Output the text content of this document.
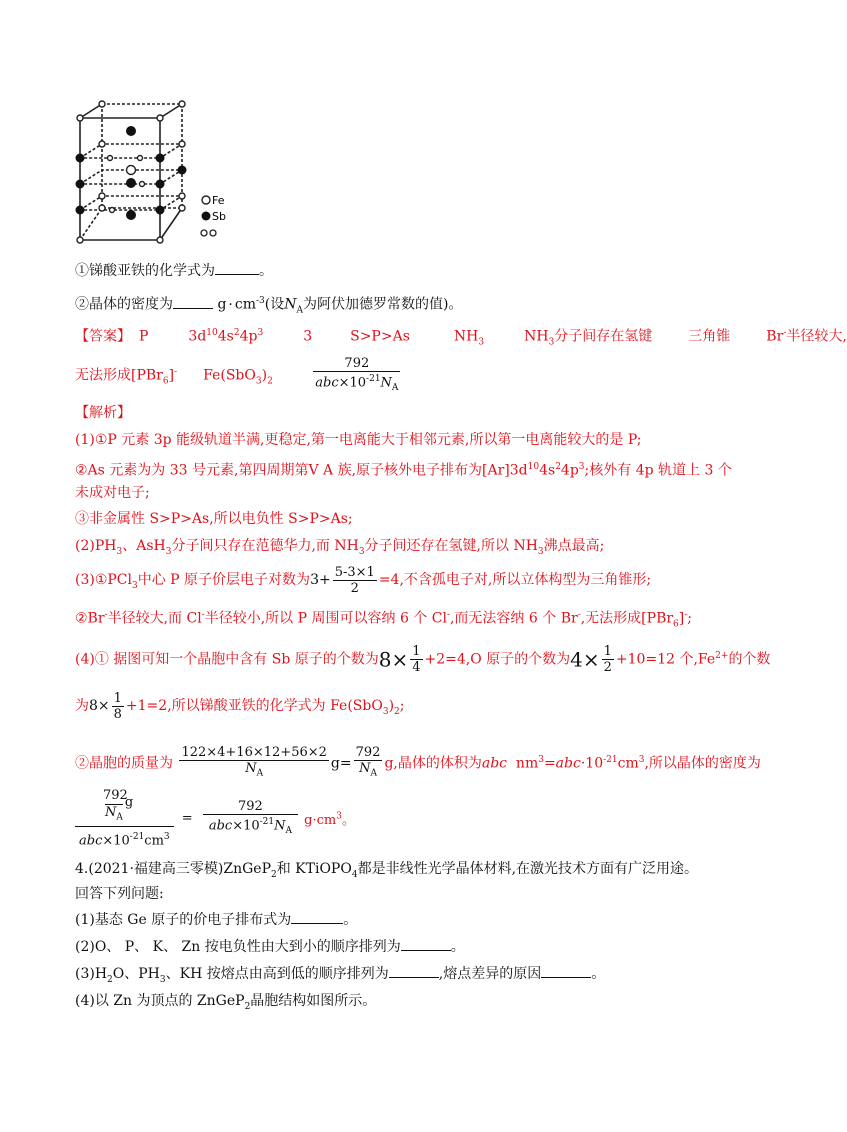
Fe
Sb
①锑酸亚铁的化学式为	。
②晶体的密度为	$g \cdot cm^{-3}$(设$N_A$为阿伏加德罗常数的值)。
【答案】 P	$3d^{10}4s^24p^3$	3	S>P>As	$NH_3$	$NH_3$分子间存在氢键	三角锥	Br-半径较大,
无法形成[PBr$_6$]- $Fe(SbO_3)_2$	$\frac{792}{abc\times 10^{-21}N_A}$
【解析】
(1)①P 元素 3p 能级轨道半满,更稳定,第一电离能大于相邻元素,所以第一电离能较大的是 P;
②As 元素为为 33 号元素,第四周期第Ⅴ A 族,原子核外电子排布为$[Ar]3d^{10}4s^24p^3$;核外有 4p 轨道上 3 个
未成对电子;
③非金属性 S>P>As,所以电负性 S>P>As;
$(2)PH_3$、AsH$_3$分子间只存在范德华力,而 $NH_3$分子间还存在氢键,所以 $NH_3$沸点最高;
(3)①PCl$_3$中心 P 原子价层电子对数为$3+ \frac{5-3\times 1}{2} =4$,不含孤电子对,所以立体构型为三角锥形;
②Br-半径较大,而 Cl-半径较小,所以 P 周围可以容纳 6 个 Cl-,而无法容纳 6 个 Br-,无法形成[PBr$_6$]-;
(4)① 据图可知一个晶胞中含有 Sb 原子的个数为$8\times \frac{1}{4} +2=4,O$ 原子的个数为$4\times \frac{1}{2} +10=12$ 个$,Fe^{2+}$的个数
为$8\times \frac{1}{8} +1=2$,所以锑酸亚铁的化学式为 $Fe(SbO_3)_2$;
②晶胞的质量为 $\frac{122\times 4+16\times 12+56\times 2}{N_A} g= \frac{792}{N_A} g$,晶体的体积为abc $nm^3=abc\cdot 10^{-21}cm^3$,所以晶体的密度为
792
$N_Ag$
$abc\times 10^{-21}cm^3$
= $\frac{792}{abc\times 10^{-21}N_A} g\cdot cm^3$。
4.(2021·福建高三零模)ZnGeP$_2$和 KTiOPO$_4$都是非线性光学晶体材料,在激光技术方面有广泛用途。
回答下列问题:
(1)基态 Ge 原子的价电子排布式为	。
(2)O、 P、 K、 Zn 按电负性由大到小的顺序排列为	。
$(3)H_2O$、$PH_3$、KH 按熔点由高到低的顺序排列为	,熔点差异的原因	。
(4)以 Zn 为顶点的 ZnGeP$_2$晶胞结构如图所示。
